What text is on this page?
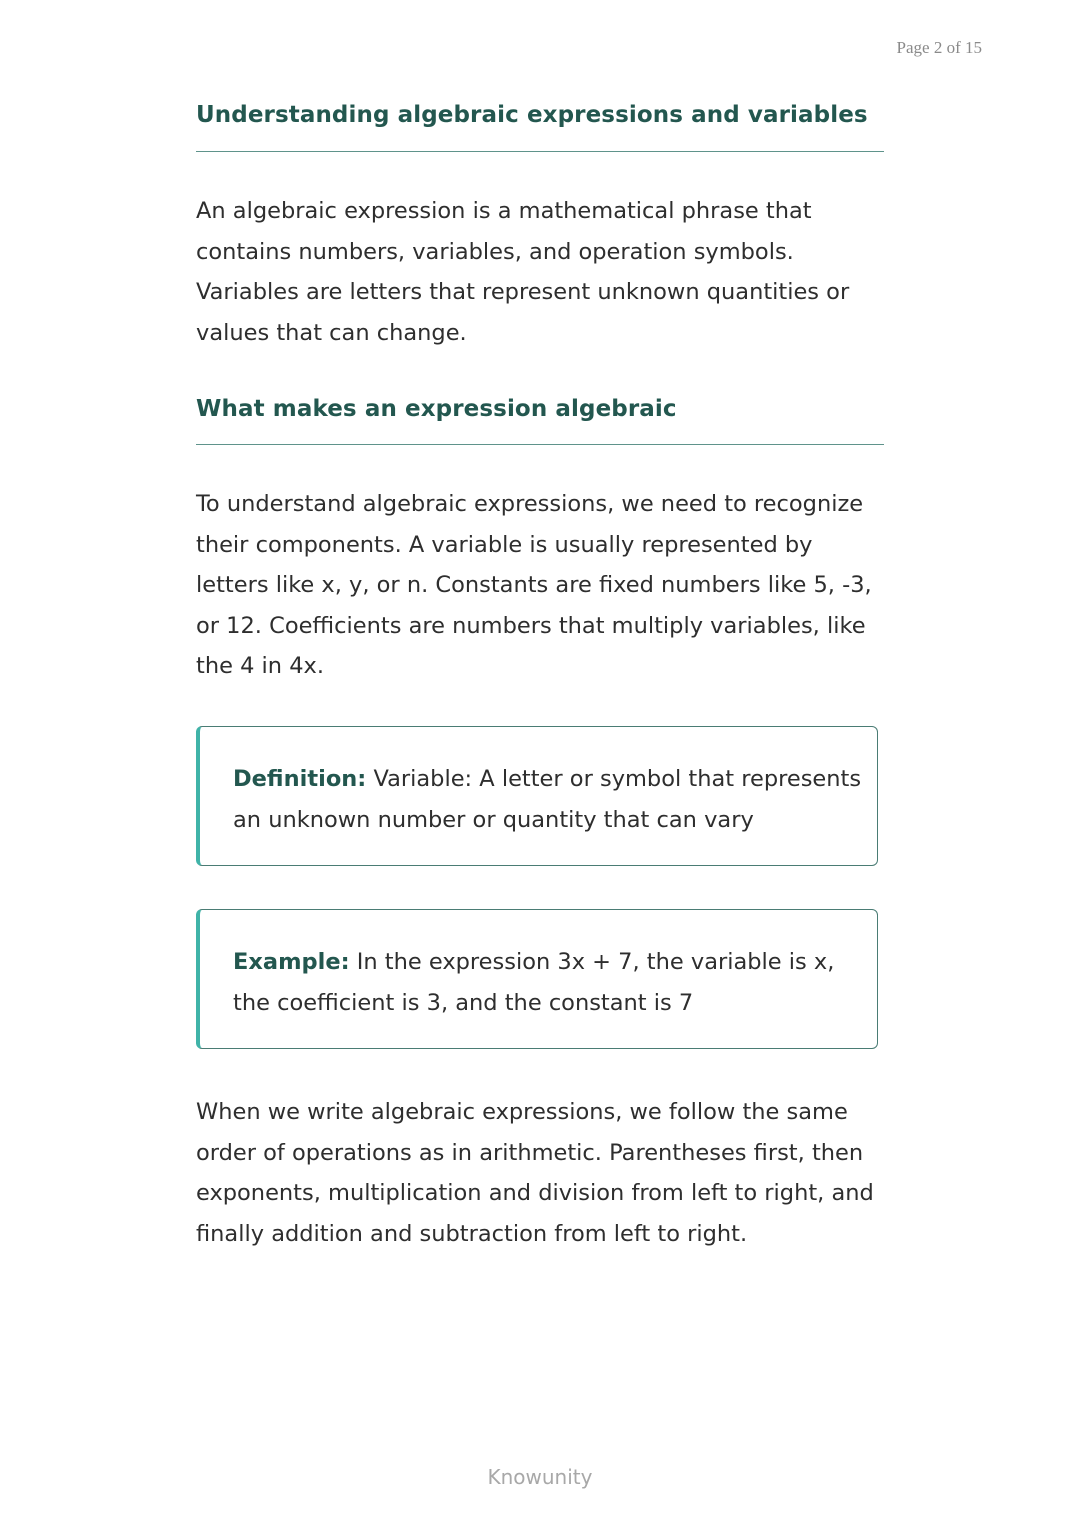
Page 2 of 15
Understanding algebraic expressions and variables

An algebraic expression is a mathematical phrase that contains numbers, variables, and operation symbols. Variables are letters that represent unknown quantities or values that can change.

What makes an expression algebraic

To understand algebraic expressions, we need to recognize their components. A variable is usually represented by letters like x, y, or n. Constants are fixed numbers like 5, -3, or 12. Coefficients are numbers that multiply variables, like the 4 in 4x.

Definition: Variable: A letter or symbol that represents an unknown number or quantity that can vary

Example: In the expression 3x + 7, the variable is x, the coefficient is 3, and the constant is 7

When we write algebraic expressions, we follow the same order of operations as in arithmetic. Parentheses first, then exponents, multiplication and division from left to right, and finally addition and subtraction from left to right.

Knowunity
